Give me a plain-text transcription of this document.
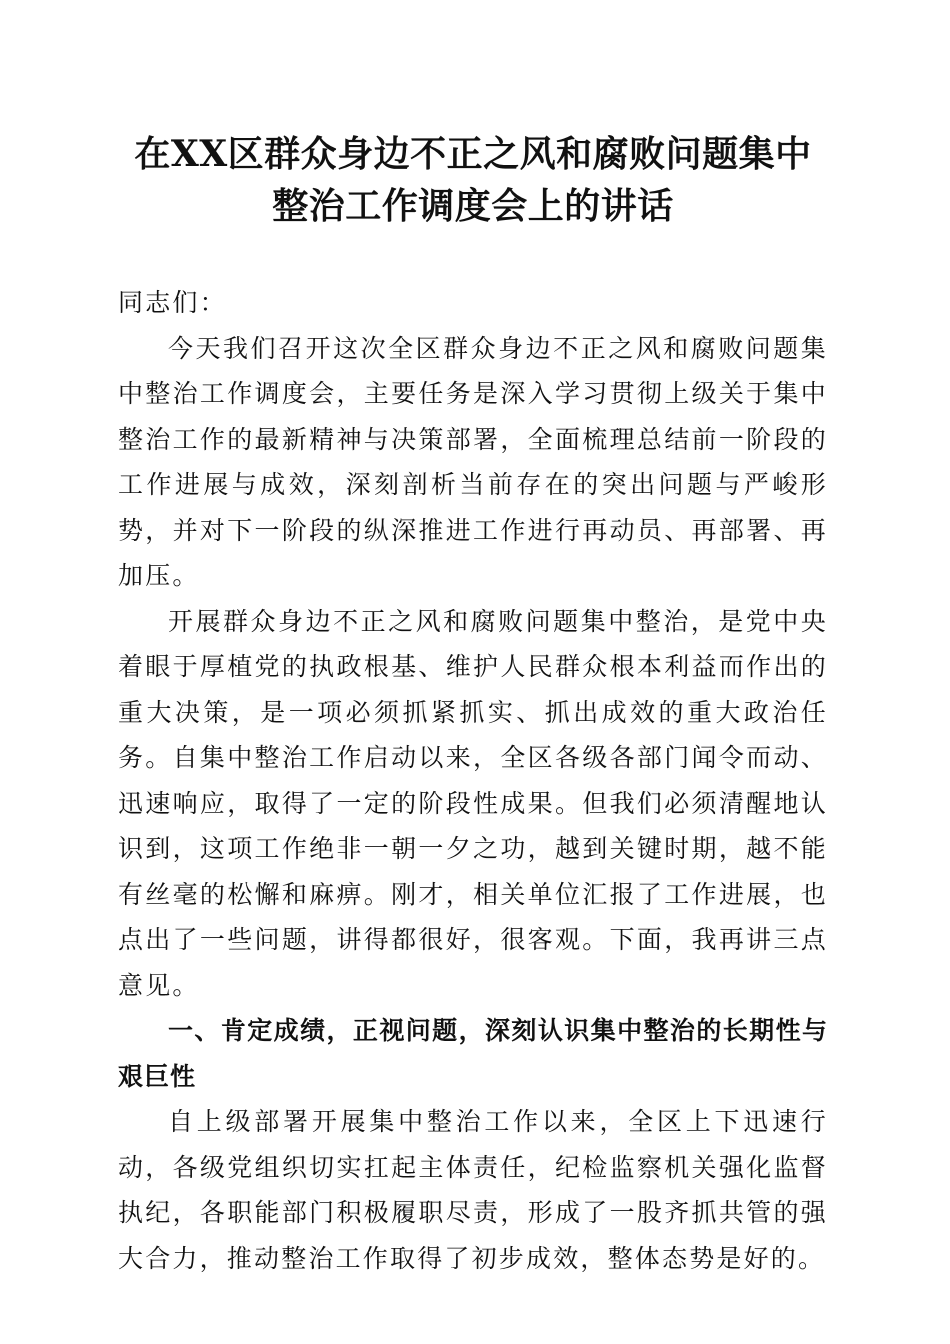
在XX区群众身边不正之风和腐败问题集中整治工作调度会上的讲话

同志们：

今天我们召开这次全区群众身边不正之风和腐败问题集中整治工作调度会，主要任务是深入学习贯彻上级关于集中整治工作的最新精神与决策部署，全面梳理总结前一阶段的工作进展与成效，深刻剖析当前存在的突出问题与严峻形势，并对下一阶段的纵深推进工作进行再动员、再部署、再加压。

开展群众身边不正之风和腐败问题集中整治，是党中央着眼于厚植党的执政根基、维护人民群众根本利益而作出的重大决策，是一项必须抓紧抓实、抓出成效的重大政治任务。自集中整治工作启动以来，全区各级各部门闻令而动、迅速响应，取得了一定的阶段性成果。但我们必须清醒地认识到，这项工作绝非一朝一夕之功，越到关键时期，越不能有丝毫的松懈和麻痹。刚才，相关单位汇报了工作进展，也点出了一些问题，讲得都很好，很客观。下面，我再讲三点意见。

一、肯定成绩，正视问题，深刻认识集中整治的长期性与艰巨性

自上级部署开展集中整治工作以来，全区上下迅速行动，各级党组织切实扛起主体责任，纪检监察机关强化监督执纪，各职能部门积极履职尽责，形成了一股齐抓共管的强大合力，推动整治工作取得了初步成效，整体态势是好的。
